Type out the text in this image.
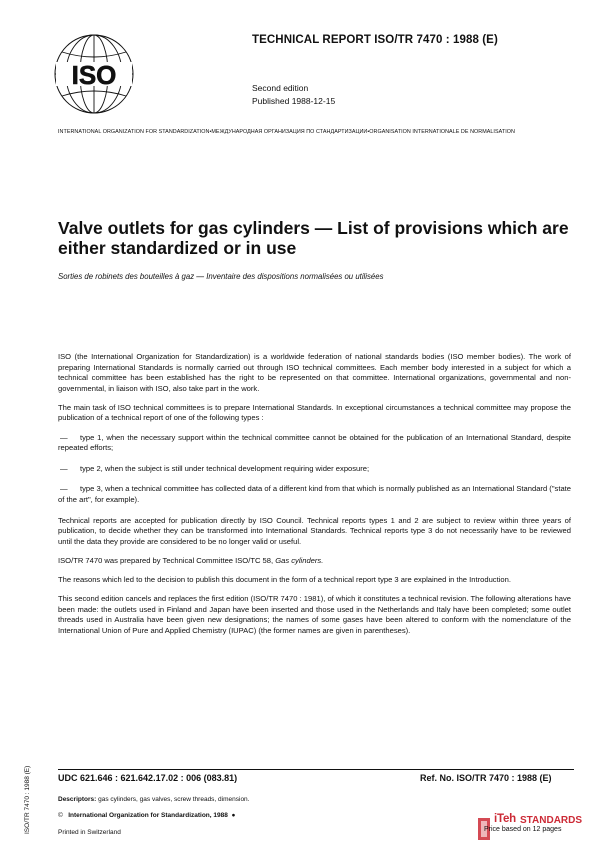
ISO
TECHNICAL REPORT ISO/TR 7470 : 1988 (E)
Second edition
Published 1988-12-15
INTERNATIONAL ORGANIZATION FOR STANDARDIZATION•МЕЖДУНАРОДНАЯ ОРГАНИЗАЦИЯ ПО СТАНДАРТИЗАЦИИ•ORGANISATION INTERNATIONALE DE NORMALISATION
Valve outlets for gas cylinders — List of provisions which are either standardized or in use
Sorties de robinets des bouteilles à gaz — Inventaire des dispositions normalisées ou utilisées

ISO (the International Organization for Standardization) is a worldwide federation of national standards bodies (ISO member bodies). The work of preparing International Standards is normally carried out through ISO technical committees. Each member body interested in a subject for which a technical committee has been established has the right to be represented on that committee. International organizations, governmental and non-governmental, in liaison with ISO, also take part in the work.

The main task of ISO technical committees is to prepare International Standards. In exceptional circumstances a technical committee may propose the publication of a technical report of one of the following types :

— type 1, when the necessary support within the technical committee cannot be obtained for the publication of an International Standard, despite repeated efforts;
— type 2, when the subject is still under technical development requiring wider exposure;
— type 3, when a technical committee has collected data of a different kind from that which is normally published as an International Standard ("state of the art", for example).

Technical reports are accepted for publication directly by ISO Council. Technical reports types 1 and 2 are subject to review within three years of publication, to decide whether they can be transformed into International Standards. Technical reports type 3 do not necessarily have to be reviewed until the data they provide are considered to be no longer valid or useful.

ISO/TR 7470 was prepared by Technical Committee ISO/TC 58, Gas cylinders.

The reasons which led to the decision to publish this document in the form of a technical report type 3 are explained in the Introduction.

This second edition cancels and replaces the first edition (ISO/TR 7470 : 1981), of which it constitutes a technical revision. The following alterations have been made: the outlets used in Finland and Japan have been inserted and those used in the Netherlands and Italy have been completed; some outlet threads used in Australia have been given new designations; the names of some gases have been altered to conform with the nomenclature of the International Union of Pure and Applied Chemistry (IUPAC) (the former names are given in parentheses).

ISO/TR 7470 : 1988 (E)	UDC 621.646 : 621.642.17.02 : 006 (083.81)	Ref. No. ISO/TR 7470 : 1988 (E)
Descriptors: gas cylinders, gas valves, screw threads, dimension.
© International Organization for Standardization, 1988 ●
Printed in Switzerland
iTeh STANDARDS
Price based on 12 pages
